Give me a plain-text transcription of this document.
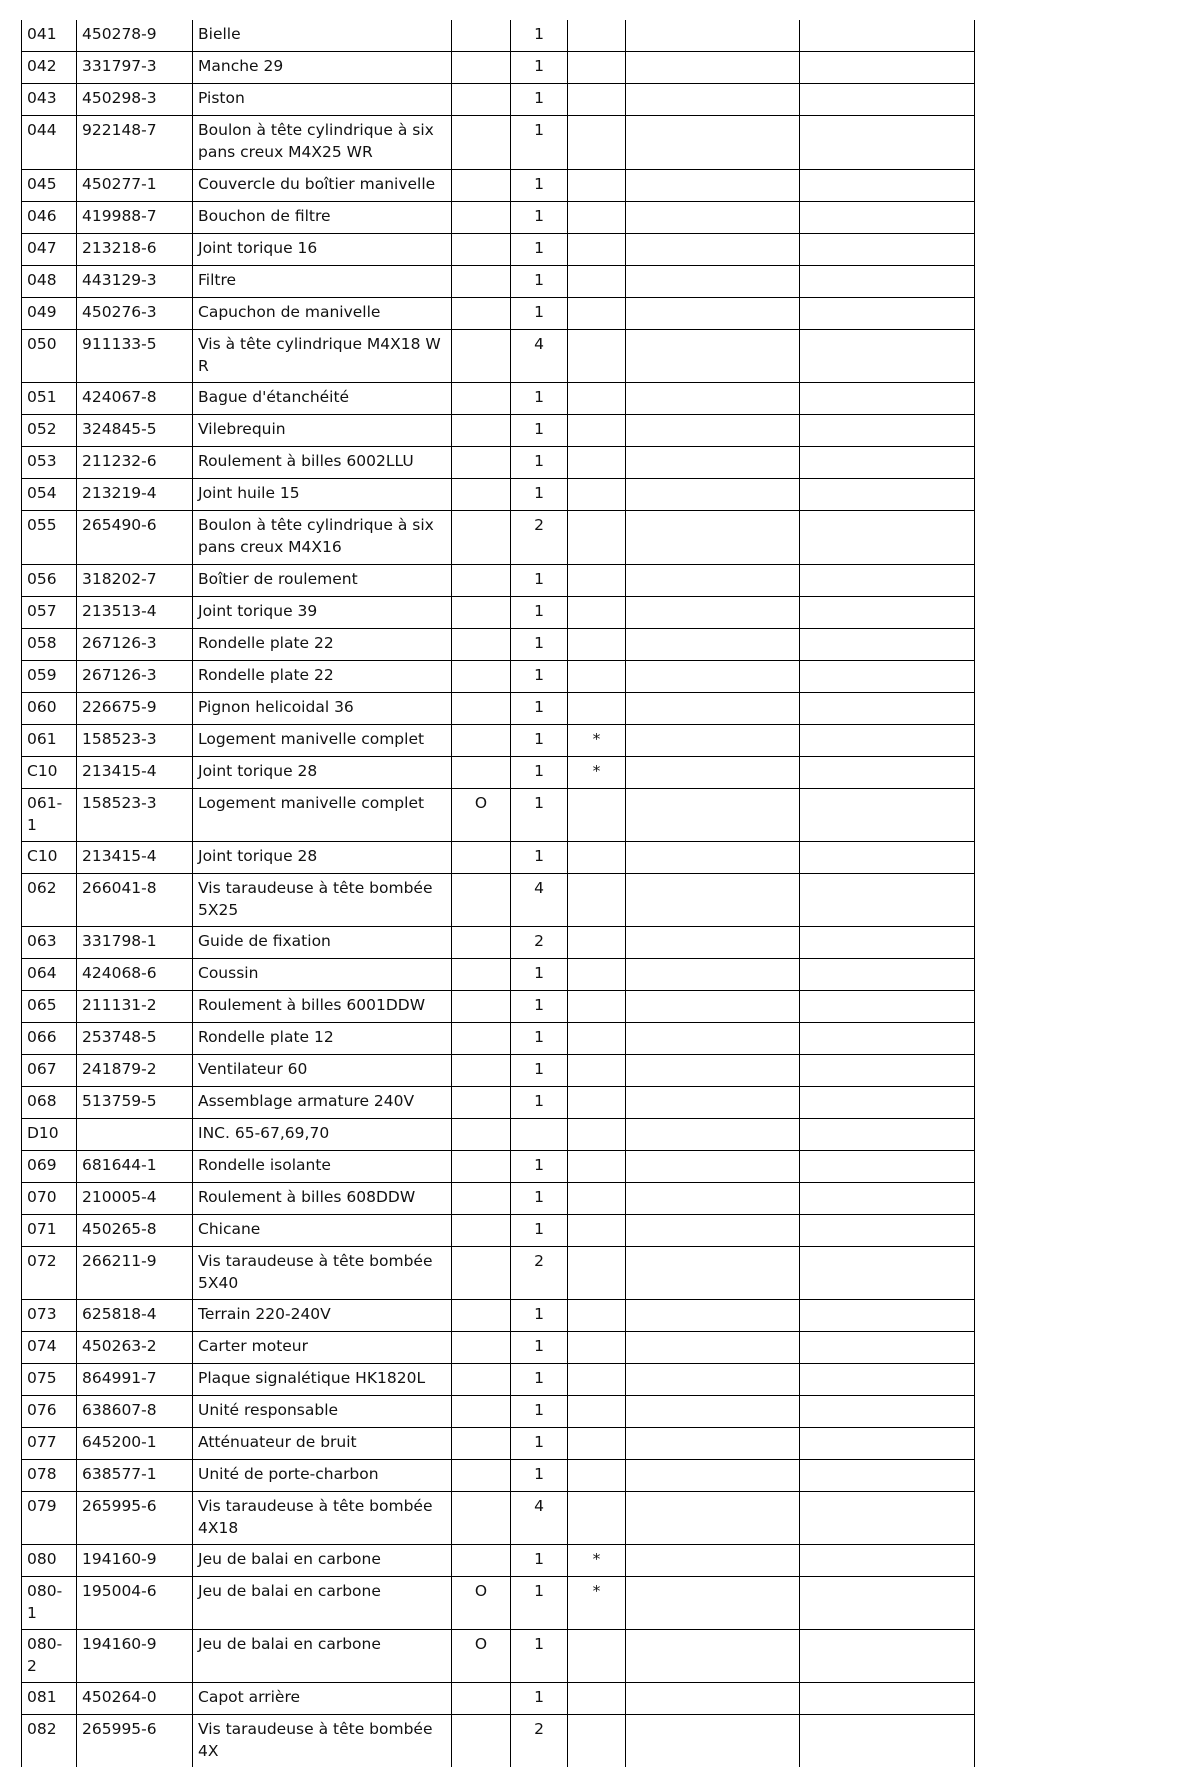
041	450278-9	Bielle		1			
042	331797-3	Manche 29		1			
043	450298-3	Piston		1			
044	922148-7	Boulon à tête cylindrique à six pans creux M4X25 WR		1			
045	450277-1	Couvercle du boîtier manivelle		1			
046	419988-7	Bouchon de filtre		1			
047	213218-6	Joint torique 16		1			
048	443129-3	Filtre		1			
049	450276-3	Capuchon de manivelle		1			
050	911133-5	Vis à tête cylindrique M4X18 WR		4			
051	424067-8	Bague d'étanchéité		1			
052	324845-5	Vilebrequin		1			
053	211232-6	Roulement à billes 6002LLU		1			
054	213219-4	Joint huile 15		1			
055	265490-6	Boulon à tête cylindrique à six pans creux M4X16		2			
056	318202-7	Boîtier de roulement		1			
057	213513-4	Joint torique 39		1			
058	267126-3	Rondelle plate 22		1			
059	267126-3	Rondelle plate 22		1			
060	226675-9	Pignon helicoidal 36		1			
061	158523-3	Logement manivelle complet		1	*		
C10	213415-4	Joint torique 28		1	*		
061-1	158523-3	Logement manivelle complet	O	1			
C10	213415-4	Joint torique 28		1			
062	266041-8	Vis taraudeuse à tête bombée 5X25		4			
063	331798-1	Guide de fixation		2			
064	424068-6	Coussin		1			
065	211131-2	Roulement à billes 6001DDW		1			
066	253748-5	Rondelle plate 12		1			
067	241879-2	Ventilateur 60		1			
068	513759-5	Assemblage armature 240V		1			
D10		INC. 65-67,69,70					
069	681644-1	Rondelle isolante		1			
070	210005-4	Roulement à billes 608DDW		1			
071	450265-8	Chicane		1			
072	266211-9	Vis taraudeuse à tête bombée 5X40		2			
073	625818-4	Terrain 220-240V		1			
074	450263-2	Carter moteur		1			
075	864991-7	Plaque signalétique HK1820L		1			
076	638607-8	Unité responsable		1			
077	645200-1	Atténuateur de bruit		1			
078	638577-1	Unité de porte-charbon		1			
079	265995-6	Vis taraudeuse à tête bombée 4X18		4			
080	194160-9	Jeu de balai en carbone		1	*		
080-1	195004-6	Jeu de balai en carbone	O	1	*		
080-2	194160-9	Jeu de balai en carbone	O	1			
081	450264-0	Capot arrière		1			
082	265995-6	Vis taraudeuse à tête bombée 4X		2			
